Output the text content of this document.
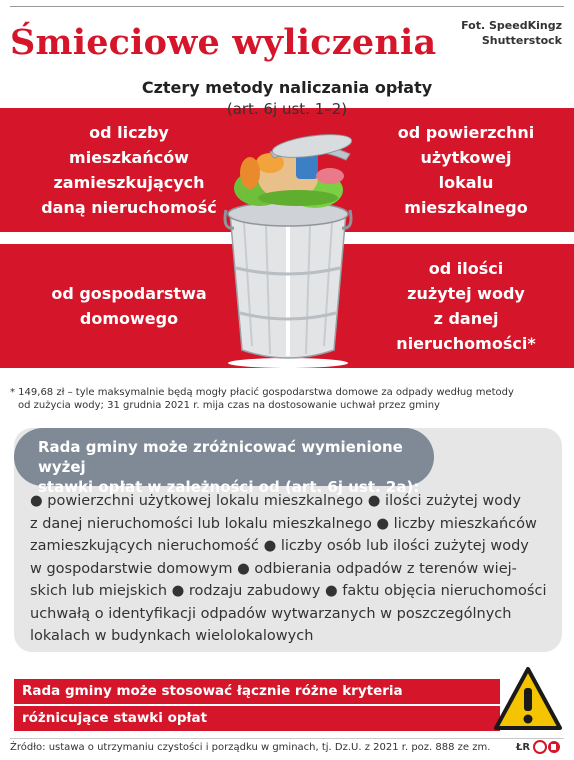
Śmieciowe wyliczenia	Fot. SpeedKingz
Shutterstock
Cztery metody naliczania opłaty
od liczby
mieszkańców
zamieszkujących
daną nieruchomość
od powierzchni
użytkowej
lokalu
mieszkalnego
od gospodarstwa
domowego
od ilości
zużytej wody
z danej
nieruchomości*
(art. 6j ust. 1–2)
* 149,68 zł – tyle maksymalnie będą mogły płacić gospodarstwa domowe za odpady według metody
od zużycia wody; 31 grudnia 2021 r. mija czas na dostosowanie uchwał przez gminy
Rada gminy może zróżnicować wymienione wyżej
stawki opłat w zależności od (art. 6j ust. 2a):
● powierzchni użytkowej lokalu mieszkalnego ● ilości zużytej wody
z danej nieruchomości lub lokalu mieszkalnego ● liczby mieszkańców
zamieszkujących nieruchomość ● liczby osób lub ilości zużytej wody
w gospodarstwie domowym ● odbierania odpadów z terenów wiej-
skich lub miejskich ● rodzaju zabudowy ● faktu objęcia nieruchomości
uchwałą o identyfikacji odpadów wytwarzanych w poszczególnych
lokalach w budynkach wielolokalowych
Rada gminy może stosować łącznie różne kryteria
różnicujące stawki opłat
Źródło: ustawa o utrzymaniu czystości i porządku w gminach, tj. Dz.U. z 2021 r. poz. 888 ze zm.	ŁR
